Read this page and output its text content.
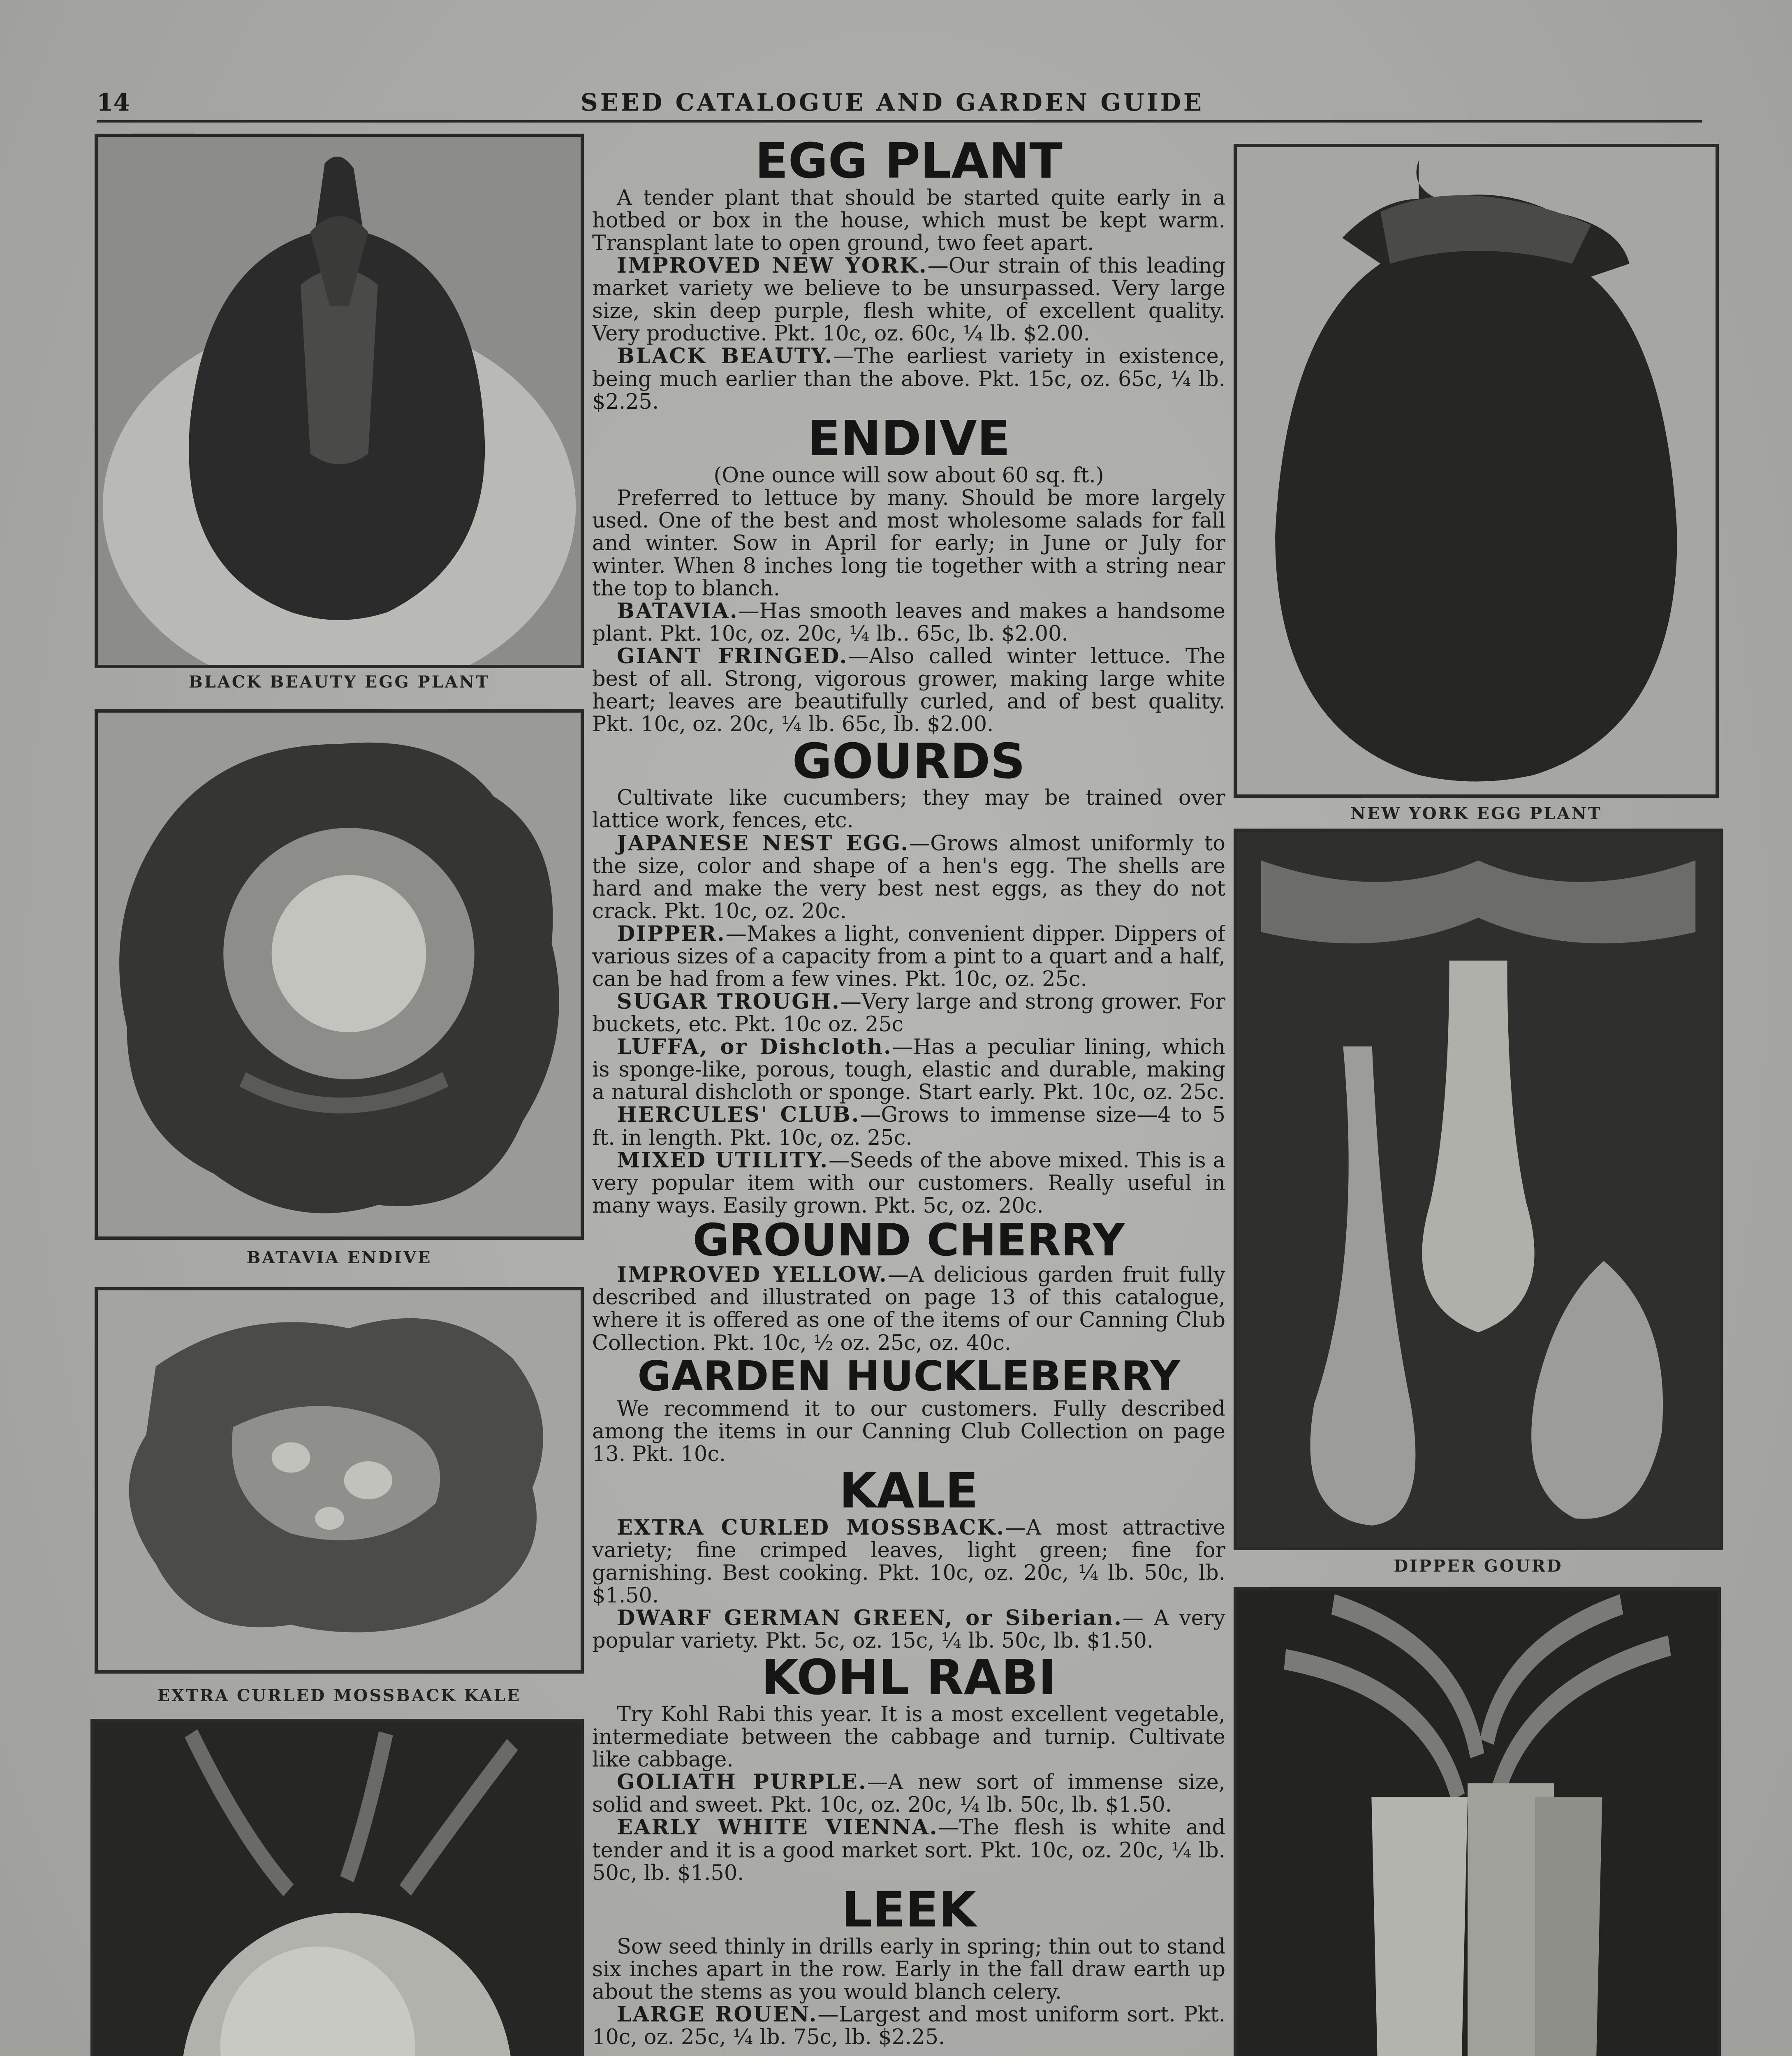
14	SEED CATALOGUE AND GARDEN GUIDE
BLACK BEAUTY EGG PLANT
BATAVIA ENDIVE
EXTRA CURLED MOSSBACK KALE
NEW YORK EGG PLANT
DIPPER GOURD
EGG PLANT

A tender plant that should be started quite early in a hotbed or box in the house, which must be kept warm. Transplant late to open ground, two feet apart.

IMPROVED NEW YORK.—Our strain of this leading market variety we believe to be unsurpassed. Very large size, skin deep purple, flesh white, of excellent quality. Very productive. Pkt. 10c, oz. 60c, ¼ lb. $2.00.

BLACK BEAUTY.—The earliest variety in existence, being much earlier than the above. Pkt. 15c, oz. 65c, ¼ lb. $2.25.

ENDIVE

(One ounce will sow about 60 sq. ft.)

Preferred to lettuce by many. Should be more largely used. One of the best and most wholesome salads for fall and winter. Sow in April for early; in June or July for winter. When 8 inches long tie together with a string near the top to blanch.

BATAVIA.—Has smooth leaves and makes a handsome plant. Pkt. 10c, oz. 20c, ¼ lb.. 65c, lb. $2.00.

GIANT FRINGED.—Also called winter lettuce. The best of all. Strong, vigorous grower, making large white heart; leaves are beautifully curled, and of best quality. Pkt. 10c, oz. 20c, ¼ lb. 65c, lb. $2.00.

GOURDS

Cultivate like cucumbers; they may be trained over lattice work, fences, etc.

JAPANESE NEST EGG.—Grows almost uniformly to the size, color and shape of a hen's egg. The shells are hard and make the very best nest eggs, as they do not crack. Pkt. 10c, oz. 20c.

DIPPER.—Makes a light, convenient dipper. Dippers of various sizes of a capacity from a pint to a quart and a half, can be had from a few vines. Pkt. 10c, oz. 25c.

SUGAR TROUGH.—Very large and strong grower. For buckets, etc. Pkt. 10c oz. 25c

LUFFA, or Dishcloth.—Has a peculiar lining, which is sponge-like, porous, tough, elastic and durable, making a natural dishcloth or sponge. Start early. Pkt. 10c, oz. 25c.

HERCULES' CLUB.—Grows to immense size—4 to 5 ft. in length. Pkt. 10c, oz. 25c.

MIXED UTILITY.—Seeds of the above mixed. This is a very popular item with our customers. Really useful in many ways. Easily grown. Pkt. 5c, oz. 20c.

GROUND CHERRY

IMPROVED YELLOW.—A delicious garden fruit fully described and illustrated on page 13 of this catalogue, where it is offered as one of the items of our Canning Club Collection. Pkt. 10c, ½ oz. 25c, oz. 40c.

GARDEN HUCKLEBERRY

We recommend it to our customers. Fully described among the items in our Canning Club Collection on page 13. Pkt. 10c.

KALE

EXTRA CURLED MOSSBACK.—A most attractive variety; fine crimped leaves, light green; fine for garnishing. Best cooking. Pkt. 10c, oz. 20c, ¼ lb. 50c, lb. $1.50.

DWARF GERMAN GREEN, or Siberian.— A very popular variety. Pkt. 5c, oz. 15c, ¼ lb. 50c, lb. $1.50.

KOHL RABI

Try Kohl Rabi this year. It is a most excellent vegetable, intermediate between the cabbage and turnip. Cultivate like cabbage.

GOLIATH PURPLE.—A new sort of immense size, solid and sweet. Pkt. 10c, oz. 20c, ¼ lb. 50c, lb. $1.50.

EARLY WHITE VIENNA.—The flesh is white and tender and it is a good market sort. Pkt. 10c, oz. 20c, ¼ lb. 50c, lb. $1.50.

LEEK

Sow seed thinly in drills early in spring; thin out to stand six inches apart in the row. Early in the fall draw earth up about the stems as you would blanch celery.

LARGE ROUEN.—Largest and most uniform sort. Pkt. 10c, oz. 25c, ¼ lb. 75c, lb. $2.25.
